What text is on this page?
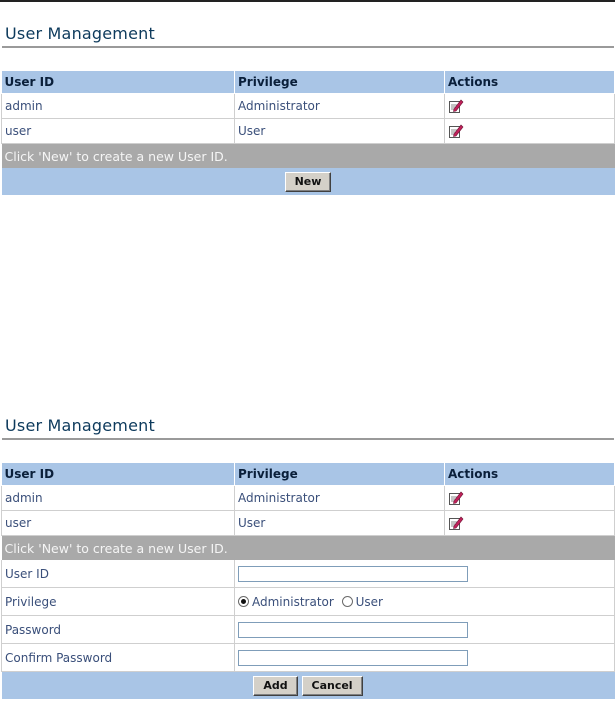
User Management
User ID	Privilege	Actions
admin	Administrator	
user	User	
Click 'New' to create a new User ID.		
New		
User Management
User ID	Privilege	Actions
admin	Administrator	
user	User	
Click 'New' to create a new User ID.		
User ID	

Privilege	Administrator User	
Password	

Confirm Password	

Add Cancel		
